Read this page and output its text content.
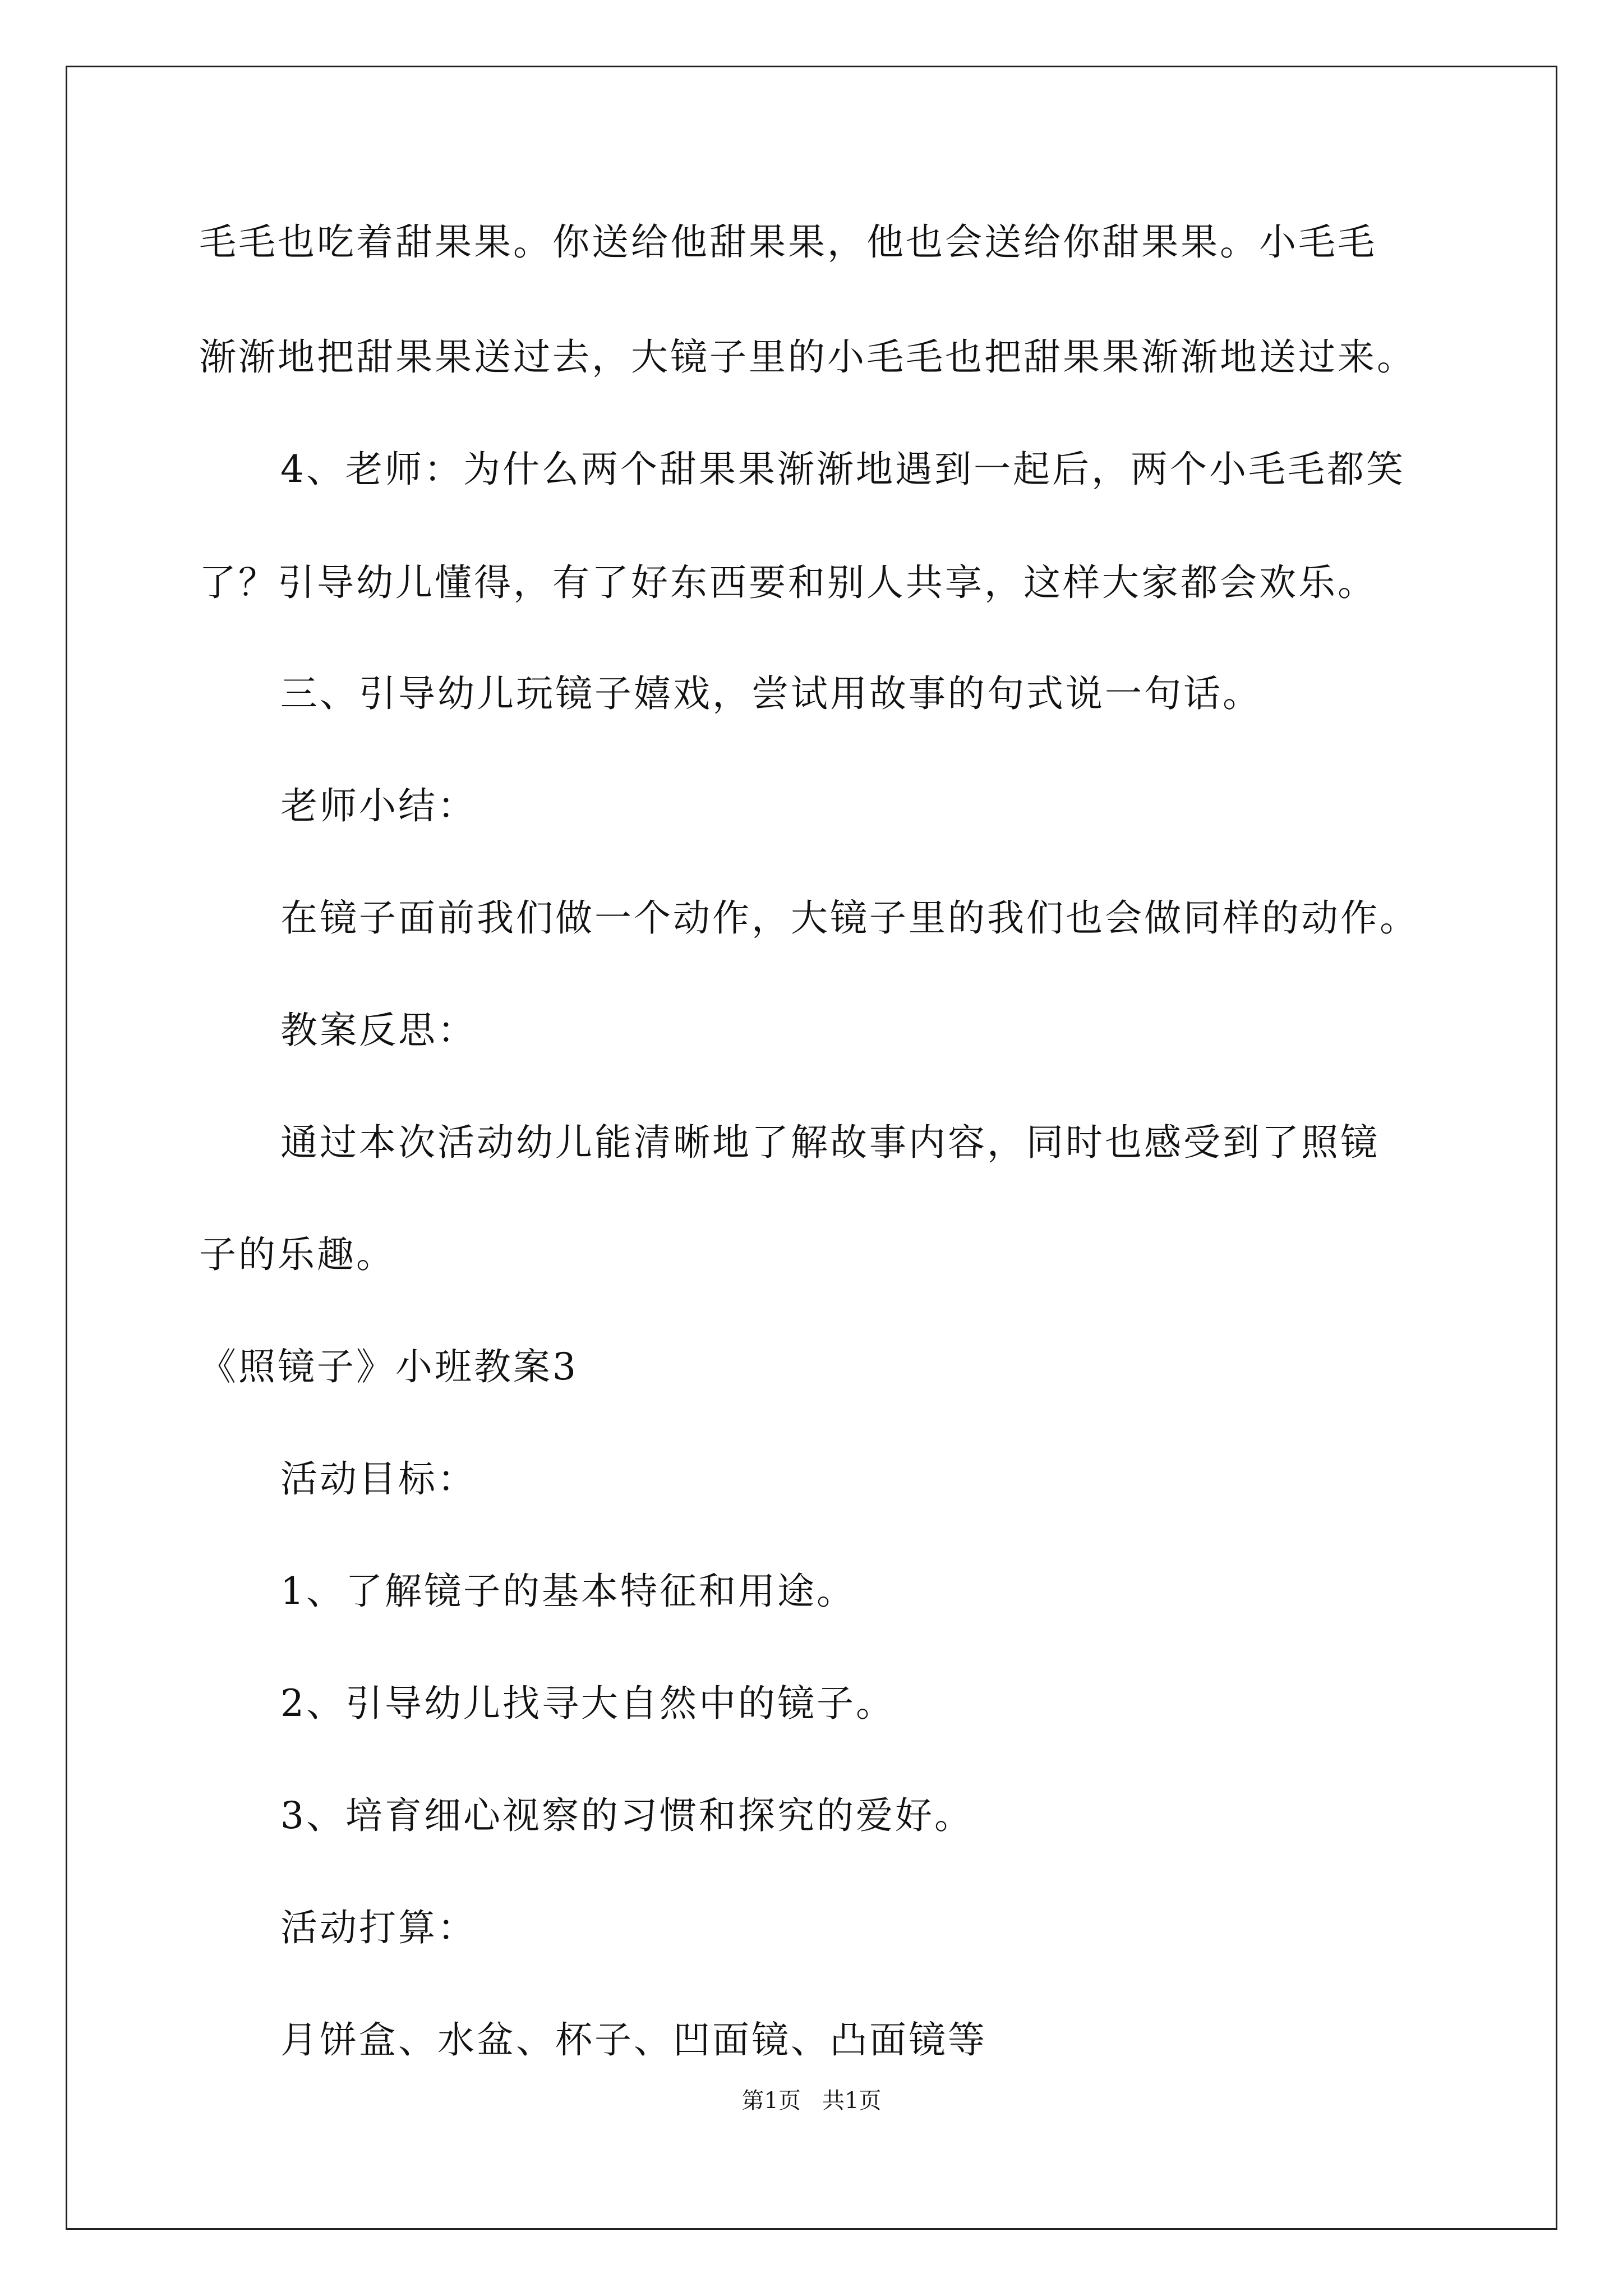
毛毛也吃着甜果果。你送给他甜果果，他也会送给你甜果果。小毛毛
渐渐地把甜果果送过去，大镜子里的小毛毛也把甜果果渐渐地送过来。
4、老师：为什么两个甜果果渐渐地遇到一起后，两个小毛毛都笑
了？引导幼儿懂得，有了好东西要和别人共享，这样大家都会欢乐。
三、引导幼儿玩镜子嬉戏，尝试用故事的句式说一句话。
老师小结：
在镜子面前我们做一个动作，大镜子里的我们也会做同样的动作。
教案反思：
通过本次活动幼儿能清晰地了解故事内容，同时也感受到了照镜
子的乐趣。
《照镜子》小班教案3
活动目标：
1、了解镜子的基本特征和用途。
2、引导幼儿找寻大自然中的镜子。
3、培育细心视察的习惯和探究的爱好。
活动打算：
月饼盒、水盆、杯子、凹面镜、凸面镜等
第1页   共1页
